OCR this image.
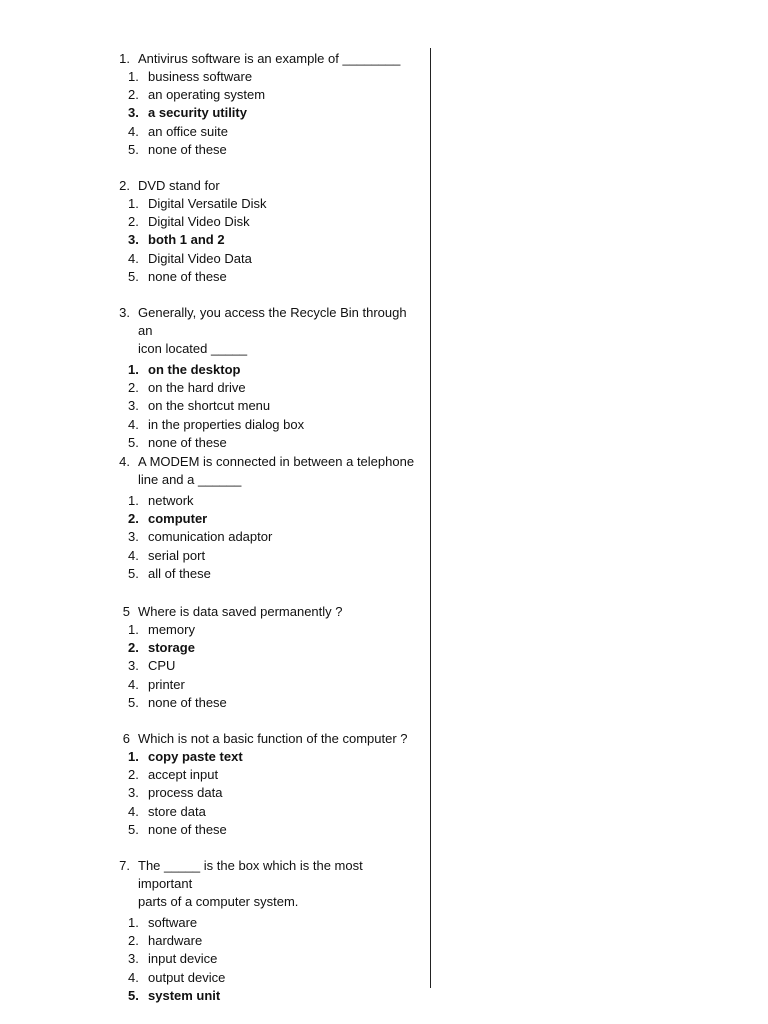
1. Antivirus software is an example of ________
1. business software
2. an operating system
3. a security utility
4. an office suite
5. none of these
2. DVD stand for
1. Digital Versatile Disk
2. Digital Video Disk
3. both 1 and 2
4. Digital Video Data
5. none of these
3. Generally, you access the Recycle Bin through an
icon located _____
1. on the desktop
2. on the hard drive
3. on the shortcut menu
4. in the properties dialog box
5. none of these
4. A MODEM is connected in between a telephone
line and a ______
1. network
2. computer
3. comunication adaptor
4. serial port
5. all of these
5 Where is data saved permanently ?
1. memory
2. storage
3. CPU
4. printer
5. none of these
6 Which is not a basic function of the computer ?
1. copy paste text
2. accept input
3. process data
4. store data
5. none of these
7. The _____ is the box which is the most important
parts of a computer system.
1. software
2. hardware
3. input device
4. output device
5. system unit
